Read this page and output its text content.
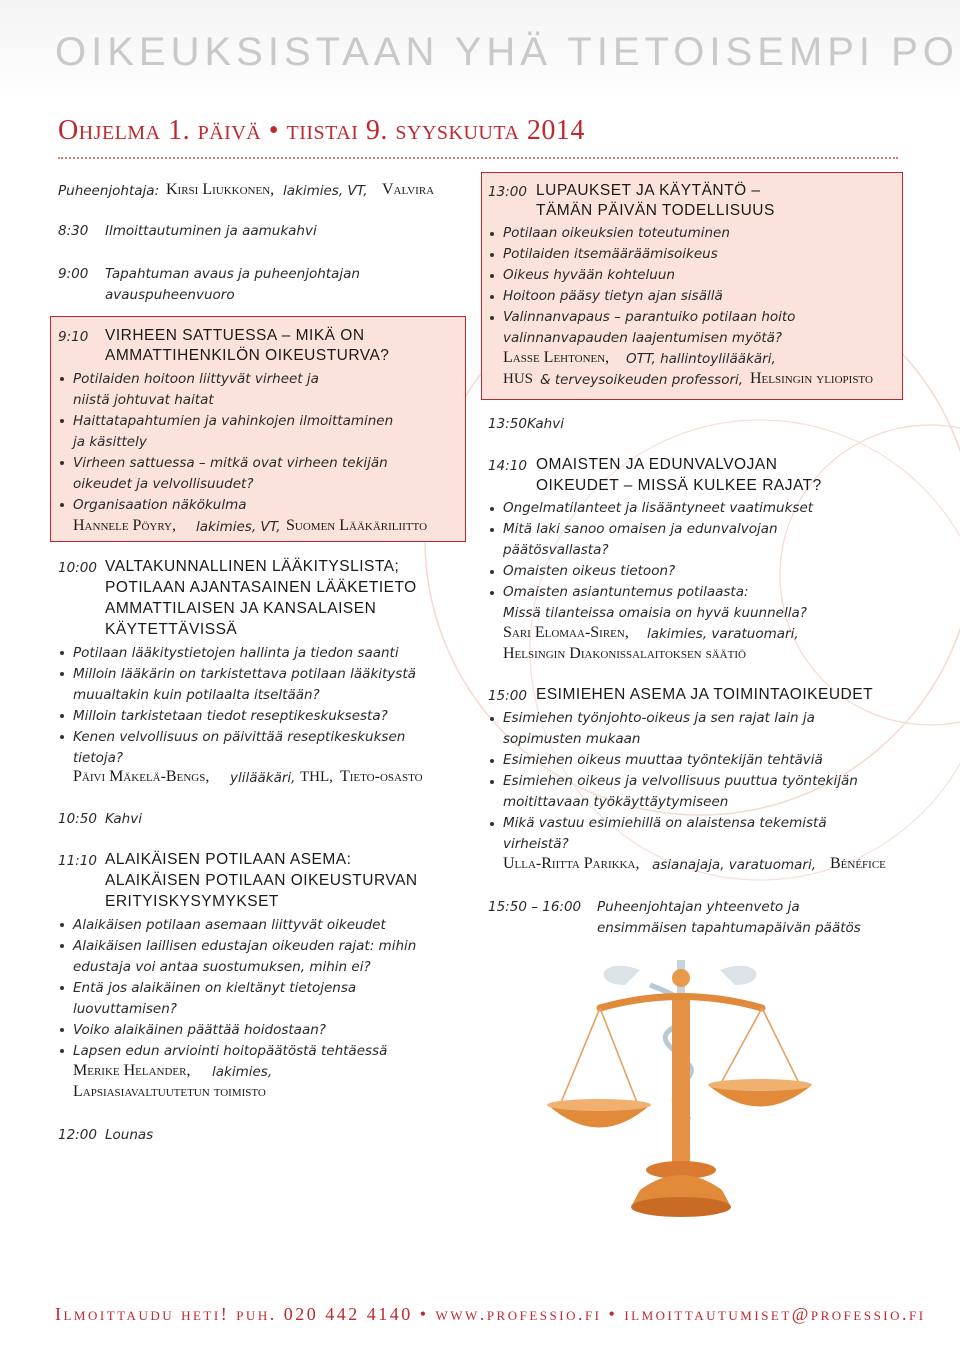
OIKEUKSISTAAN YHÄ TIETOISEMPI PO
Ohjelma 1. päivä • tiistai 9. syyskuuta 2014
Puheenjohtaja: Kirsi Liukkonen, lakimies, VT, Valvira
8:30 Ilmoittautuminen ja aamukahvi
9:00 Tapahtuman avaus ja puheenjohtajan
avauspuheenvuoro
9:10 VIRHEEN SATTUESSA – MIKÄ ON
AMMATTIHENKILÖN OIKEUSTURVA?
Potilaiden hoitoon liittyvät virheet ja
niistä johtuvat haitat
Haittatapahtumien ja vahinkojen ilmoittaminen
ja käsittely
Virheen sattuessa – mitkä ovat virheen tekijän
oikeudet ja velvollisuudet?
Organisaation näkökulma
Hannele Pöyry, lakimies, VT, Suomen Lääkäriliitto
10:00 VALTAKUNNALLINEN LÄÄKITYSLISTA;
POTILAAN AJANTASAINEN LÄÄKETIETO
AMMATTILAISEN JA KANSALAISEN
KÄYTETTÄVISSÄ
Potilaan lääkitystietojen hallinta ja tiedon saanti
Milloin lääkärin on tarkistettava potilaan lääkitystä
muualtakin kuin potilaalta itseltään?
Milloin tarkistetaan tiedot reseptikeskuksesta?
Kenen velvollisuus on päivittää reseptikeskuksen
tietoja?
Päivi Mäkelä-Bengs, ylilääkäri, THL, Tieto-osasto
10:50 Kahvi
11:10 ALAIKÄISEN POTILAAN ASEMA:
ALAIKÄISEN POTILAAN OIKEUSTURVAN
ERITYISKYSYMYKSET
Alaikäisen potilaan asemaan liittyvät oikeudet
Alaikäisen laillisen edustajan oikeuden rajat: mihin
edustaja voi antaa suostumuksen, mihin ei?
Entä jos alaikäinen on kieltänyt tietojensa
luovuttamisen?
Voiko alaikäinen päättää hoidostaan?
Lapsen edun arviointi hoitopäätöstä tehtäessä
Merike Helander, lakimies,
Lapsiasiavaltuutetun toimisto
12:00 Lounas
13:00 LUPAUKSET JA KÄYTÄNTÖ –
TÄMÄN PÄIVÄN TODELLISUUS
Potilaan oikeuksien toteutuminen
Potilaiden itsemääräämisoikeus
Oikeus hyvään kohteluun
Hoitoon pääsy tietyn ajan sisällä
Valinnanvapaus – parantuiko potilaan hoito
valinnanvapauden laajentumisen myötä?
Lasse Lehtonen, OTT, hallintoylilääkäri,
HUS & terveysoikeuden professori, Helsingin yliopisto
13:50 Kahvi
14:10 OMAISTEN JA EDUNVALVOJAN
OIKEUDET – MISSÄ KULKEE RAJAT?
Ongelmatilanteet ja lisääntyneet vaatimukset
Mitä laki sanoo omaisen ja edunvalvojan
päätösvallasta?
Omaisten oikeus tietoon?
Omaisten asiantuntemus potilaasta:
Missä tilanteissa omaisia on hyvä kuunnella?
Sari Elomaa-Siren, lakimies, varatuomari,
Helsingin Diakonissalaitoksen säätiö
15:00 ESIMIEHEN ASEMA JA TOIMINTAOIKEUDET
Esimiehen työnjohto-oikeus ja sen rajat lain ja
sopimusten mukaan
Esimiehen oikeus muuttaa työntekijän tehtäviä
Esimiehen oikeus ja velvollisuus puuttua työntekijän
moitittavaan työkäyttäytymiseen
Mikä vastuu esimiehillä on alaistensa tekemistä
virheistä?
Ulla-Riitta Parikka, asianajaja, varatuomari, Bénéfice
15:50 – 16:00 Puheenjohtajan yhteenveto ja
ensimmäisen tapahtumapäivän päätös
Ilmoittaudu heti! puh. 020 442 4140 • www.professio.fi • ilmoittautumiset@professio.fi
